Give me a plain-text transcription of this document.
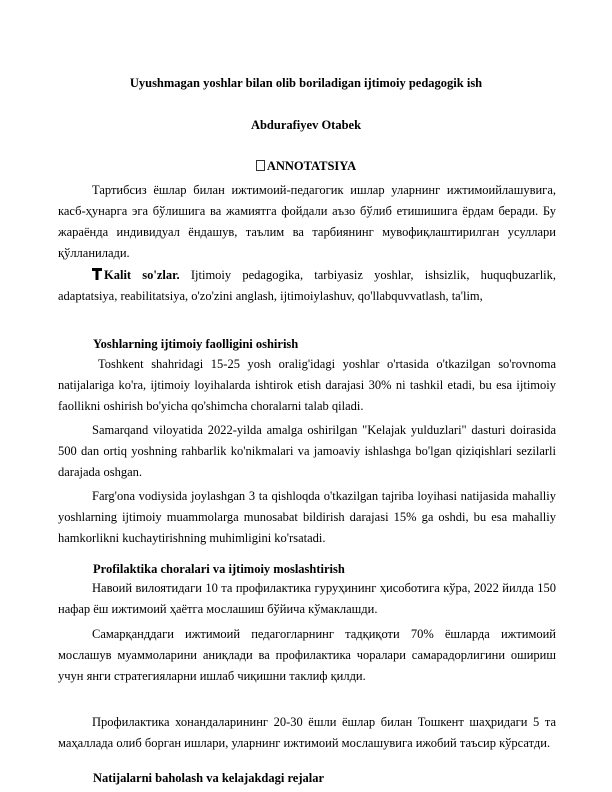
Uyushmagan yoshlar bilan olib boriladigan ijtimoiy pedagogik ish
Abdurafiyev Otabek
ANNOTATSIYA

Тартибсиз ёшлар билан ижтимоий-педагогик ишлар уларнинг ижтимоийлашувига, касб-ҳунарга эга бўлишига ва жамиятга фойдали аъзо бўлиб етишишига ёрдам беради. Бу жараёнда индивидуал ёндашув, таълим ва тарбиянинг мувофиқлаштирилган усуллари қўлланилади.

Kalit so'zlar. Ijtimoiy pedagogika, tarbiyasiz yoshlar, ishsizlik, huquqbuzarlik, adaptatsiya, reabilitatsiya, o'zo'zini anglash, ijtimoiylashuv, qo'llabquvvatlash, ta'lim,

Yoshlarning ijtimoiy faolligini oshirish

Toshkent shahridagi 15-25 yosh oralig'idagi yoshlar o'rtasida o'tkazilgan so'rovnoma natijalariga ko'ra, ijtimoiy loyihalarda ishtirok etish darajasi 30% ni tashkil etadi, bu esa ijtimoiy faollikni oshirish bo'yicha qo'shimcha choralarni talab qiladi.

Samarqand viloyatida 2022-yilda amalga oshirilgan "Kelajak yulduzlari" dasturi doirasida 500 dan ortiq yoshning rahbarlik ko'nikmalari va jamoaviy ishlashga bo'lgan qiziqishlari sezilarli darajada oshgan.

Farg'ona vodiysida joylashgan 3 ta qishloqda o'tkazilgan tajriba loyihasi natijasida mahalliy yoshlarning ijtimoiy muammolarga munosabat bildirish darajasi 15% ga oshdi, bu esa mahalliy hamkorlikni kuchaytirishning muhimligini ko'rsatadi.

Profilaktika choralari va ijtimoiy moslashtirish

Навоий вилоятидаги 10 та профилактика гуруҳининг ҳисоботига кўра, 2022 йилда 150 нафар ёш ижтимоий ҳаётга мослашиш бўйича кўмаклашди.

Самарқанддаги ижтимоий педагогларнинг тадқиқоти 70% ёшларда ижтимоий мослашув муаммоларини аниқлади ва профилактика чоралари самарадорлигини ошириш учун янги стратегияларни ишлаб чиқишни таклиф қилди.

Профилактика хонандаларининг 20-30 ёшли ёшлар билан Тошкент шаҳридаги 5 та маҳаллада олиб борган ишлари, уларнинг ижтимоий мослашувига ижобий таъсир кўрсатди.

Natijalarni baholash va kelajakdagi rejalar
